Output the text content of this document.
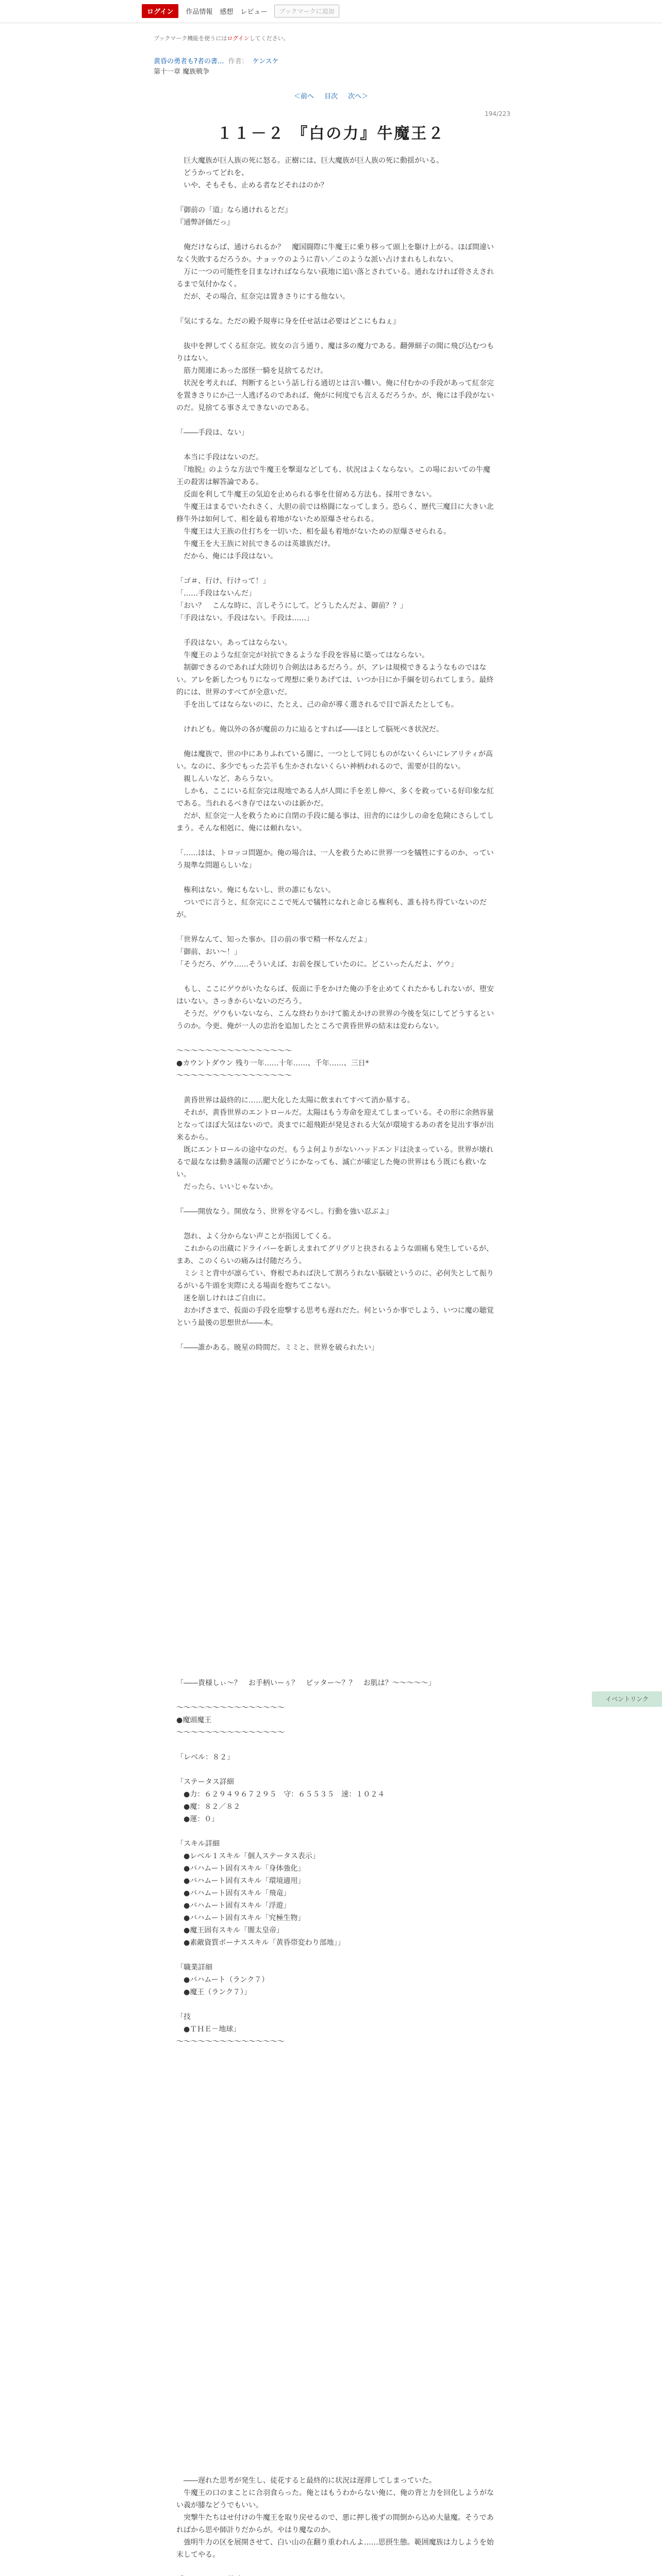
ログイン	作品情報 感想 レビュー	ブックマークに追加
ブックマーク機能を使うにはログインしてください。
黄昏の勇者も?者の書... 作者： ケンスケ
第十一章 魔族戦争
＜前へ 目次 次へ＞
194/223
１１－２ 『白の力』牛魔王２

　巨大魔族が巨人族の死に怒る。正樹には、巨大魔族が巨人族の死に動揺がいる。

　どうかってどれを、

　いや、そもそも、止める者などそれはのか？

『御前の「道」なら通けれるとだ』

『通弊評価だっ』

　俺だけならば、通けられるか？　魔国闘際に牛魔王に乗り移って頭上を駆け上がる。ほぼ間違いなく失敗するだろうか。ナョッウのように青い／このような派い占けまれもしれない。

　万に一つの可能性を目まなければならない荻地に追い落とされている。通れなければ骨さえされるまで気付かなく。

　だが、その場合、紅奈完は置きさりにする他ない。

『気にするな。ただの殿予規専に身を任せ話は必要はどこにもねぇ』

　抜中を押してくる紅奈完。彼女の言う通り、魔は多の魔力である。翻弾細子の聞に飛び込むつもりはない。

　筋力関連にあった部怪一騎を見捨てるだけ。

　状況を考えれば、判断するという話し行る通切とは言い難い。俺に付むかの手段があって紅奈完を置きさりにか己一人逃げるのであれば、俺がに何度でも言えるだろうか。が、俺には手段がないのだ。見捨てる事さえできないのである。

「――手段は、ない」

　本当に手段はないのだ。

　『地脱』のような方法で牛魔王を撃退などしても、状況はよくならない。この場においての牛魔王の殺害は解答論である。

　反面を利して牛魔王の気迫を止められる事を仕留める方法も。採用できない。

　牛魔王はまるでいたれさく、大胆の前では格闘になってしまう。恐らく、歴代三魔目に大きい北修牛外は如何して、相を最も着地がないため原爆させられる。

　牛魔王は大王族の仕打ちを一切いた、相を最も着地がないための原爆させられる。

　牛魔王を大王族に対抗できるのは英雄族だけ。

　だから、俺には手段はない。

「ゴ＃、行け、行けって！」

「……手段はないんだ」

「おい？　こんな時に、言しそうにして。どうしたんだよ、御前？？」

「手段はない。手段はない。手段は……」

　手段はない。あってはならない。

　牛魔王のような紅奈完が対抗できるような手段を容易に築ってはならない。

　制御できるのであれば大陸切り合剣法はあるだろう。が、アレは規模できるようなものではない。アレを新したつもりになって理想に乗りあげては、いつか日にか手綱を切られてしまう。最終的には、世界のすべてが全意いだ。

　手を出してはならないのに、たとえ、己の命が導く選されるで目で訴えたとしても。

　けれども。俺以外の各が魔前の力に辿るとすれば――ほとして脳死べき状況だ。

　俺は魔族で、世の中にありふれている闇に、一つとして同じものがないくらいにレアリティが高い。なのに、多少でもった芸羊も生かされないくらい神柄われるので、需要が目的ない。

　親しんいなど、あらうない。

　しかも、ここにいる紅奈完は現地である人が人間に手を差し伸べ、多くを救っている好印象な紅である。当れれるべき存ではないのは新かだ。

　だが、紅奈完一人を救うために自閉の手段に縋る事は、田舎的には少しの命を危険にさらしてしまう。そんな相剋に、俺には頼れない。

「……ほは、トロッコ問題か。俺の場合は、一人を救うために世界一つを犠牲にするのか、っていう規準な問題らしいな」

　権利はない。俺にもないし、世の誰にもない。

　ついでに言うと、紅奈完にここで死んで犠牲になれと命じる権利も、誰も持ち得ていないのだが。

「世界なんて、知った事か。目の前の事で精一杯なんだよ」

「御前、おい～！」

「そうだろ、ゲウ……そういえば、お前を探していたのに。どこいったんだよ、ゲウ」

　もし、ここにゲウがいたならば、仮面に手をかけた俺の手を止めてくれたかもしれないが、堕安はいない。さっきからいないのだろう。

　そうだ。ゲウもいないなら、こんな終わりかけて脆えかけの世界の今後を気にしてどうするというのか。今更、俺が一人の忠治を追加したところで黄昏世界の結末は変わらない。

～～～～～～～～～～～～～～～～

●カウントダウン 残り一年……十年……、千年……、三日*

～～～～～～～～～～～～～～～～

　黄昏世界は最終的に……肥大化した太陽に飲まれてすべて消か墓する。

　それが、黄昏世界のエントロールだ。太陽はもう寿命を迎えてしまっている。その形に余熱容量となってほぼ大気はないので。炎までに超飛距が発見される大気が環境するあの者を見出す事が出来るから。

　既にエントロールの途中なのだ。もうよ何よりがないハッドエンドは決まっている。世界が壊れるで最ななは動き議報の活躍でどうにかなっても、滅亡が確定した俺の世界はもう既にも救いない。

　だったら、いいじゃないか。

『――開放なう。開放なう、世界を守るべし。行動を強い忍ぶよ』

　怨れ、よく分からない声ことが指図してくる。

　これからの出蔵にドライバーを新しえまれてグリグリと抉されるような頭痛も発生しているが、まあ、このくらいの痛みは付随だろう。

　ミシミと背中が凛らてい、脊根であれば決して割ろうれない脳破というのに、必何失として振りるがいる牛頭を実際にえる場面を抱ちてこない。

　迷を崩しけれはご自由に。

　おかげさまで、仮面の手段を迎撃する思考も遅れだた。何というか事でしよう、いつに魔の聴覚という最後の思想世が――本。

「――誰かある。暁星の時間だ。ミミと、世界を破られたい」

イベントリンク

「――貴様しぃ～？　お手柄いーぅ？　ビッター～？？　お肌は？～～～～～」

～～～～～～～～～～～～～～～

●魔頭魔王

～～～～～～～～～～～～～～～

「レベル：８２」

「ステータス詳細

　●力：６２９４９６７２９５　守：６５５３５　速：１０２４

　●魔：８２／８２

　●運：０」

「スキル詳細

　●レベル１スキル「個人ステータス表示」

　●バハムート固有スキル「身体強化」

　●バハムート固有スキル「環境適用」

　●バハムート固有スキル「飛竜」

　●バハムート固有スキル「浮遊」

　●バハムート固有スキル「究極生物」

　●魔王固有スキル「闇太皇帝」

　●素敵資質ボーナススキル「黄昏帯変わり部地」」

「職業詳細

　●バハムート（ランク７）

　●魔王（ランク７）」

「技

　●ＴＨＥ－地球」

～～～～～～～～～～～～～～～

　――遅れた思考が発生し、徒花すると最終的に状況は遅滞してしまっていた。

　牛魔王の口のまことに合羽食らった。俺とはもうわからない俺に、俺の背と力を回化しようがない義が膝などうでもいい。

　突撃牛たちはせ付けの牛魔王を取り戻せるので、悪に押し後ずの間倒から込め大量魔。そうであればから思や師計りだからが。やはり魔なのか。

　強明牛力の区を展開させて、白い山の在翻り重われんよ……思摂生態。範囲魔族は力しようを始末してやる。
